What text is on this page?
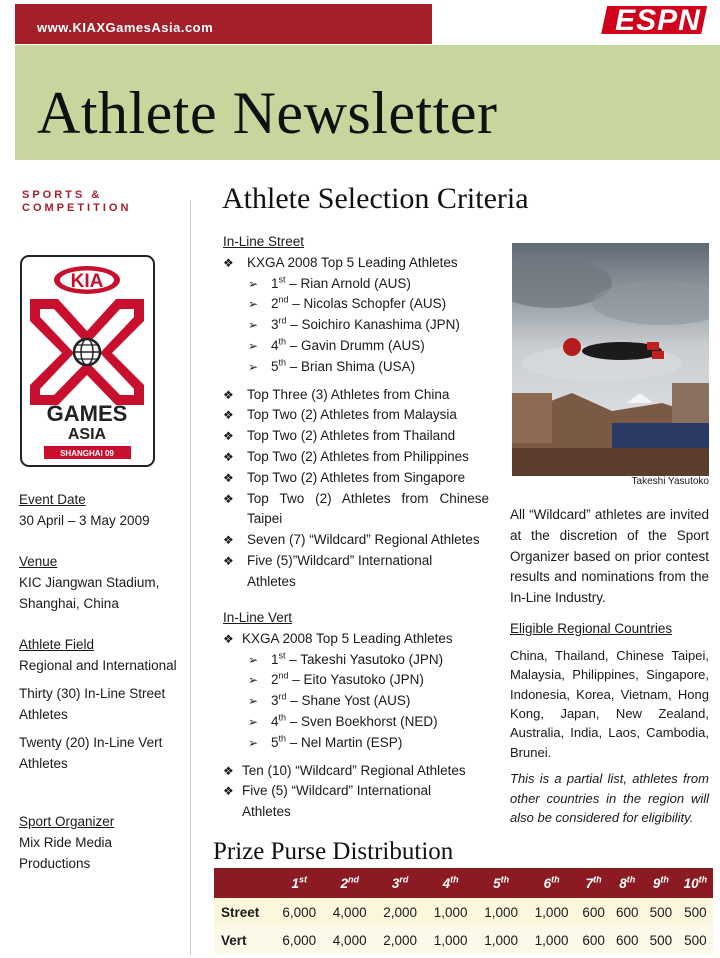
www.KIAXGamesAsia.com	ESPN
Athlete Newsletter
SPORTS &
COMPETITION
KIA
GAMES
ASIA
SHANGHAI 09
Event Date
30 April – 3 May 2009
Venue
KIC Jiangwan Stadium,
Shanghai, China
Athlete Field
Regional and International
Thirty (30) In-Line Street
Athletes
Twenty (20) In-Line Vert
Athletes
Sport Organizer
Mix Ride Media
Productions
Athlete Selection Criteria
In-Line Street
❖ KXGA 2008 Top 5 Leading Athletes
➢ 1st – Rian Arnold (AUS)
➢ 2nd – Nicolas Schopfer (AUS)
➢ 3rd – Soichiro Kanashima (JPN)
➢ 4th – Gavin Drumm (AUS)
➢ 5th – Brian Shima (USA)
❖ Top Three (3) Athletes from China
❖ Top Two (2) Athletes from Malaysia
❖ Top Two (2) Athletes from Thailand
❖ Top Two (2) Athletes from Philippines
❖ Top Two (2) Athletes from Singapore
❖ Top Two (2) Athletes from Chinese Taipei
❖ Seven (7) “Wildcard” Regional Athletes
❖ Five (5)”Wildcard” International Athletes
In-Line Vert
❖ KXGA 2008 Top 5 Leading Athletes
➢ 1st – Takeshi Yasutoko (JPN)
➢ 2nd – Eito Yasutoko (JPN)
➢ 3rd – Shane Yost (AUS)
➢ 4th – Sven Boekhorst (NED)
➢ 5th – Nel Martin (ESP)
❖ Ten (10) “Wildcard” Regional Athletes
❖ Five (5) “Wildcard” International Athletes
Takeshi Yasutoko

All “Wildcard” athletes are invited at the discretion of the Sport Organizer based on prior contest results and nominations from the In-Line Industry.

Eligible Regional Countries

China, Thailand, Chinese Taipei, Malaysia, Philippines, Singapore, Indonesia, Korea, Vietnam, Hong Kong, Japan, New Zealand, Australia, India, Laos, Cambodia, Brunei.

This is a partial list, athletes from other countries in the region will also be considered for eligibility.

Prize Purse Distribution
	1st	2nd	3rd	4th	5th	6th	7th	8th	9th	10th
Street	6,000	4,000	2,000	1,000	1,000	1,000	600	600	500	500
Vert	6,000	4,000	2,000	1,000	1,000	1,000	600	600	500	500
